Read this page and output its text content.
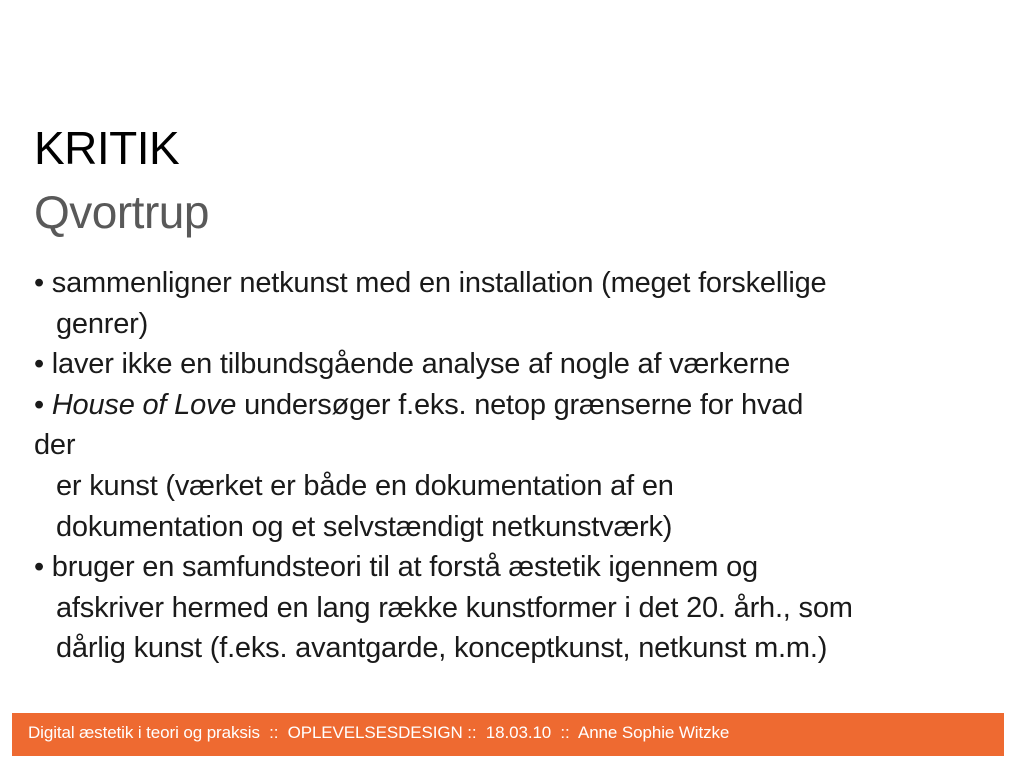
KRITIK
Qvortrup
• sammenligner netkunst med en installation (meget forskellige
genrer)
• laver ikke en tilbundsgående analyse af nogle af værkerne
• House of Love undersøger f.eks. netop grænserne for hvad
der
er kunst (værket er både en dokumentation af en
dokumentation og et selvstændigt netkunstværk)
• bruger en samfundsteori til at forstå æstetik igennem og
afskriver hermed en lang række kunstformer i det 20. årh., som
dårlig kunst (f.eks. avantgarde, konceptkunst, netkunst m.m.)
Digital æstetik i teori og praksis  ::  OPLEVELSESDESIGN ::  18.03.10  ::  Anne Sophie Witzke
